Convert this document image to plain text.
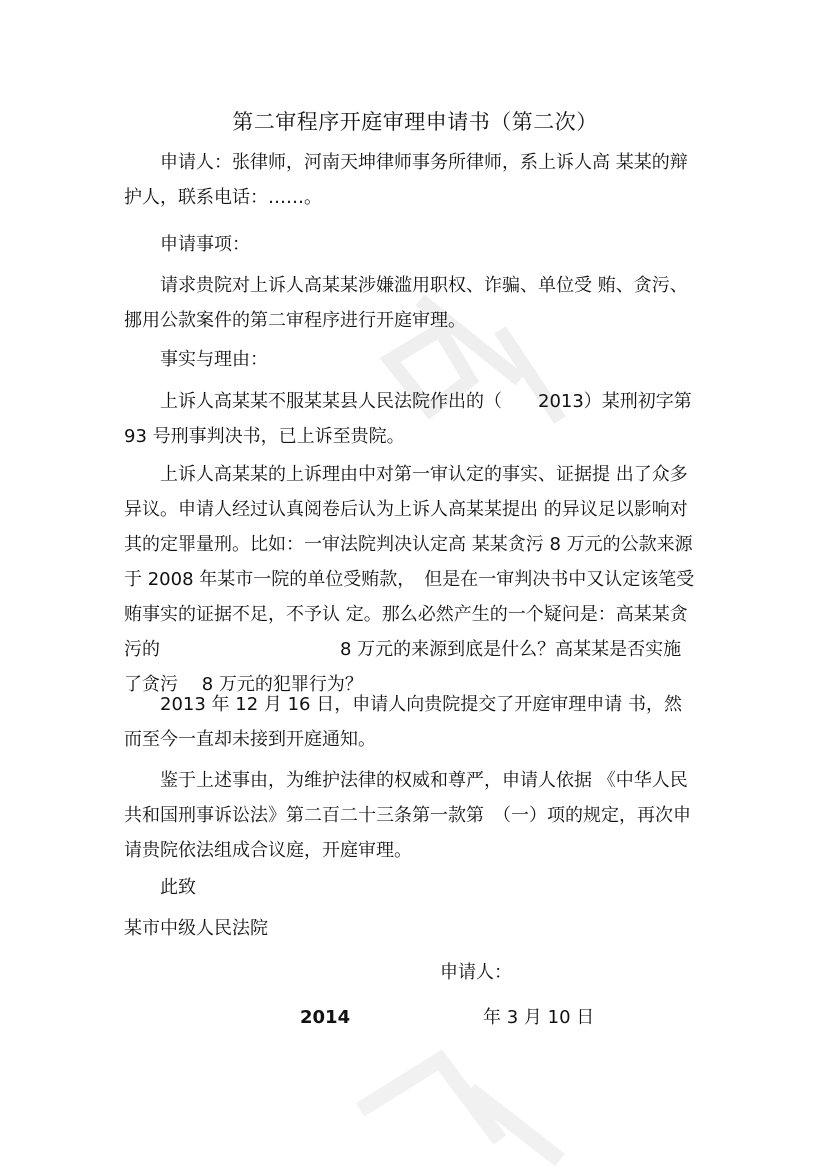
第二审程序开庭审理申请书（第二次）

申请人：张律师，河南天坤律师事务所律师，系上诉人高 某某的辩护人，联系电话：……。

申请事项：

请求贵院对上诉人高某某涉嫌滥用职权、诈骗、单位受 贿、贪污、挪用公款案件的第二审程序进行开庭审理。

事实与理由：

上诉人高某某不服某某县人民法院作出的（　　2013）某刑初字第 93 号刑事判决书，已上诉至贵院。

上诉人高某某的上诉理由中对第一审认定的事实、证据提 出了众多异议。申请人经过认真阅卷后认为上诉人高某某提出 的异议足以影响对其的定罪量刑。比如：一审法院判决认定高 某某贪污 8 万元的公款来源于 2008 年某市一院的单位受贿款，　但是在一审判决书中又认定该笔受贿事实的证据不足，不予认 定。那么必然产生的一个疑问是：高某某贪污的　　　　　　　　　　8 万元的来源到底是什么？高某某是否实施了贪污　 8 万元的犯罪行为？

2013 年 12 月 16 日，申请人向贵院提交了开庭审理申请 书，然而至今一直却未接到开庭通知。

鉴于上述事由，为维护法律的权威和尊严，申请人依据 《中华人民共和国刑事诉讼法》第二百二十三条第一款第　（一）项的规定，再次申请贵院依法组成合议庭，开庭审理。

此致

某市中级人民法院
申请人：
2014	年 3 月 10 日
